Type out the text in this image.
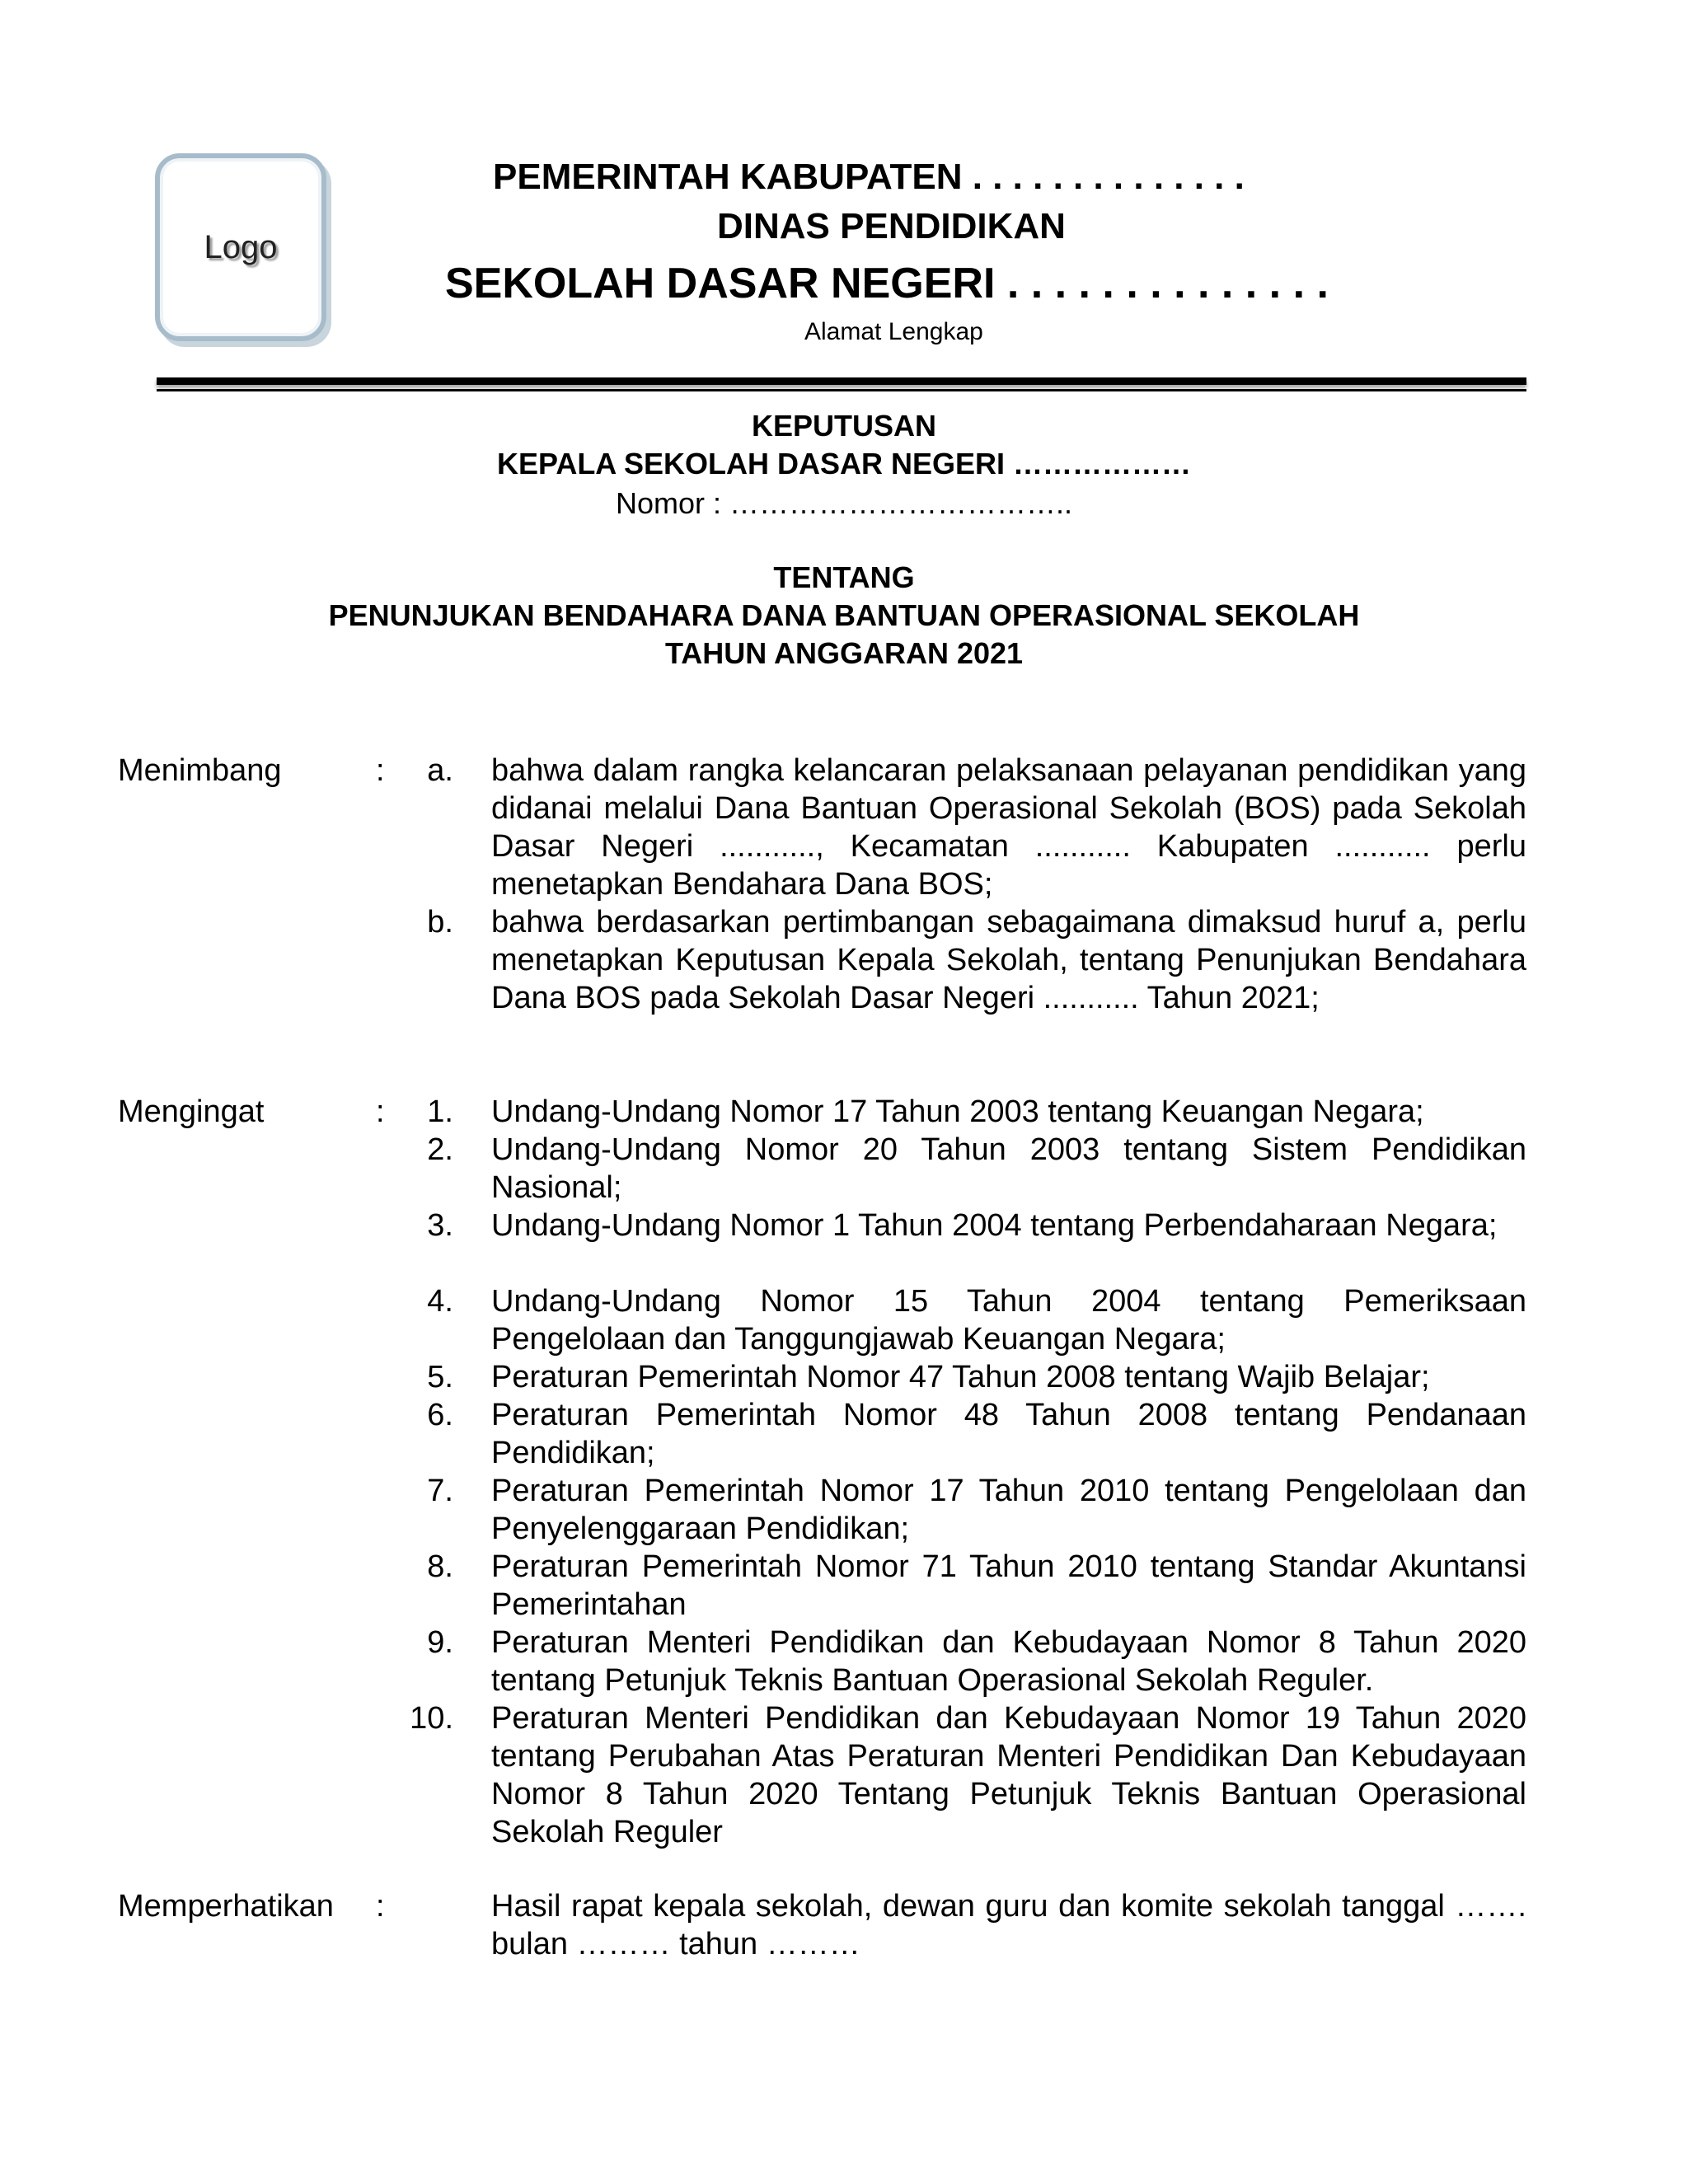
Logo
PEMERINTAH KABUPATEN . . . . . . . . . . . . . .
DINAS PENDIDIKAN
SEKOLAH DASAR NEGERI . . . . . . . . . . . . . .
Alamat Lengkap
KEPUTUSAN
KEPALA SEKOLAH DASAR NEGERI ………………
Nomor : ……………………………..
TENTANG
PENUNJUKAN BENDAHARA DANA BANTUAN OPERASIONAL SEKOLAH
TAHUN ANGGARAN 2021
Menimbang	: a. bahwa dalam rangka kelancaran pelaksanaan pelayanan pendidikan yang didanai melalui Dana Bantuan Operasional Sekolah (BOS) pada Sekolah Dasar Negeri ..........., Kecamatan ........... Kabupaten ........... perlu menetapkan Bendahara Dana BOS;
b. bahwa berdasarkan pertimbangan sebagaimana dimaksud huruf a, perlu menetapkan Keputusan Kepala Sekolah, tentang Penunjukan Bendahara Dana BOS pada Sekolah Dasar Negeri ........... Tahun 2021;
Mengingat	: 1. Undang-Undang Nomor 17 Tahun 2003 tentang Keuangan Negara;
2. Undang-Undang Nomor 20 Tahun 2003 tentang Sistem Pendidikan Nasional;
3. Undang-Undang Nomor 1 Tahun 2004 tentang Perbendaharaan Negara;
4. Undang-Undang Nomor 15 Tahun 2004 tentang Pemeriksaan Pengelolaan dan Tanggungjawab Keuangan Negara;
5. Peraturan Pemerintah Nomor 47 Tahun 2008 tentang Wajib Belajar;
6. Peraturan Pemerintah Nomor 48 Tahun 2008 tentang Pendanaan Pendidikan;
7. Peraturan Pemerintah Nomor 17 Tahun 2010 tentang Pengelolaan dan Penyelenggaraan Pendidikan;
8. Peraturan Pemerintah Nomor 71 Tahun 2010 tentang Standar Akuntansi Pemerintahan
9. Peraturan Menteri Pendidikan dan Kebudayaan Nomor 8 Tahun 2020 tentang Petunjuk Teknis Bantuan Operasional Sekolah Reguler.
10. Peraturan Menteri Pendidikan dan Kebudayaan Nomor 19 Tahun 2020 tentang Perubahan Atas Peraturan Menteri Pendidikan Dan Kebudayaan Nomor 8 Tahun 2020 Tentang Petunjuk Teknis Bantuan Operasional Sekolah Reguler
Memperhatikan :	Hasil rapat kepala sekolah, dewan guru dan komite sekolah tanggal ……. bulan ……… tahun ………
